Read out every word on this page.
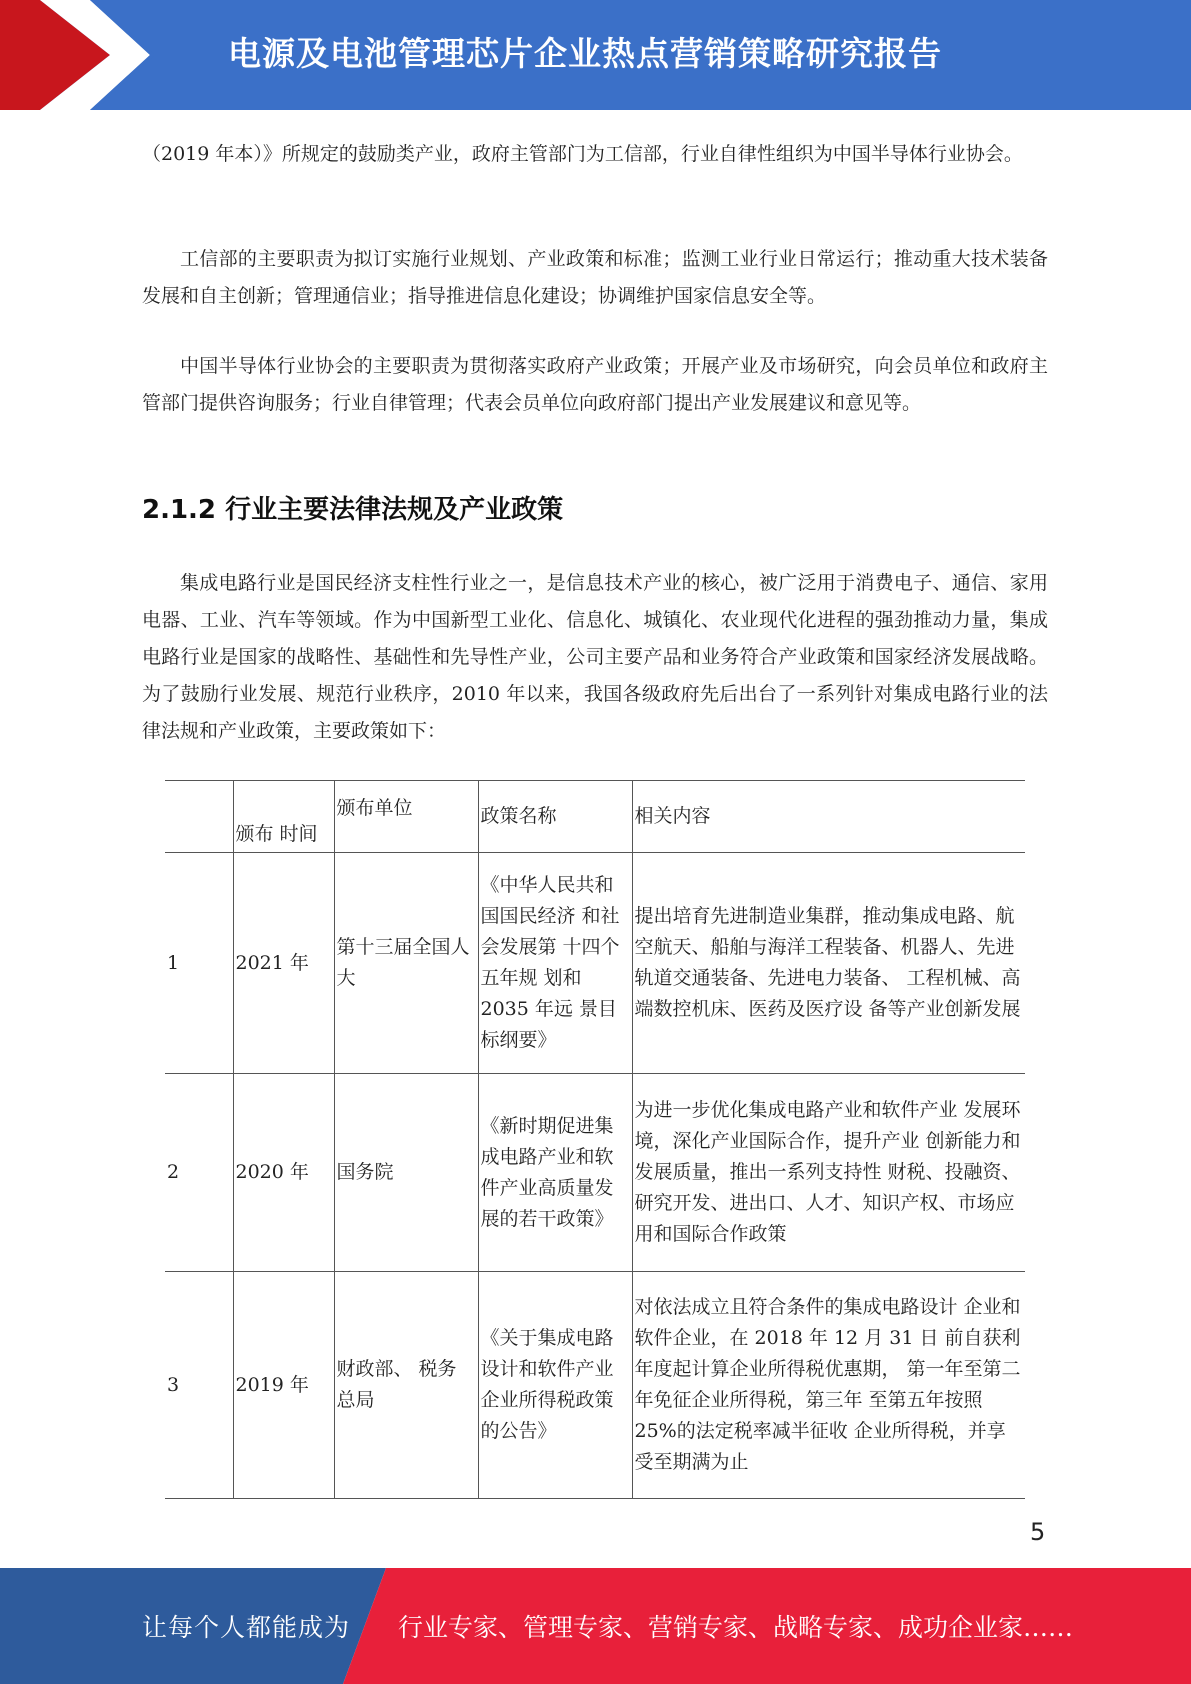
电源及电池管理芯片企业热点营销策略研究报告

（2019 年本）》所规定的鼓励类产业，政府主管部门为工信部，行业自律性组织为中国半导体行业协会。

工信部的主要职责为拟订实施行业规划、产业政策和标准；监测工业行业日常运行；推动重大技术装备发展和自主创新；管理通信业；指导推进信息化建设；协调维护国家信息安全等。

中国半导体行业协会的主要职责为贯彻落实政府产业政策；开展产业及市场研究，向会员单位和政府主管部门提供咨询服务；行业自律管理；代表会员单位向政府部门提出产业发展建议和意见等。

2.1.2 行业主要法律法规及产业政策

集成电路行业是国民经济支柱性行业之一，是信息技术产业的核心，被广泛用于消费电子、通信、家用电器、工业、汽车等领域。作为中国新型工业化、信息化、城镇化、农业现代化进程的强劲推动力量，集成电路行业是国家的战略性、基础性和先导性产业，公司主要产品和业务符合产业政策和国家经济发展战略。为了鼓励行业发展、规范行业秩序，2010 年以来，我国各级政府先后出台了一系列针对集成电路行业的法律法规和产业政策，主要政策如下：

	颁布 时间	颁布单位	政策名称	相关内容
1	2021 年	第十三届全国人大	《中华人民共和国国民经济 和社会发展第 十四个五年规 划和 2035 年远 景目标纲要》	提出培育先进制造业集群，推动集成电路、航空航天、船舶与海洋工程装备、机器人、先进轨道交通装备、先进电力装备、 工程机械、高端数控机床、医药及医疗设 备等产业创新发展
2	2020 年	国务院	《新时期促进集成电路产业和软件产业高质量发展的若干政策》	为进一步优化集成电路产业和软件产业 发展环境，深化产业国际合作，提升产业 创新能力和发展质量，推出一系列支持性 财税、投融资、研究开发、进出口、人才、知识产权、市场应用和国际合作政策
3	2019 年	财政部、 税务总局	《关于集成电路设计和软件产业企业所得税政策的公告》	对依法成立且符合条件的集成电路设计 企业和软件企业，在 2018 年 12 月 31 日 前自获利年度起计算企业所得税优惠期， 第一年至第二年免征企业所得税，第三年 至第五年按照 25%的法定税率减半征收 企业所得税，并享受至期满为止
5
让每个人都能成为 行业专家、管理专家、营销专家、战略专家、成功企业家……
